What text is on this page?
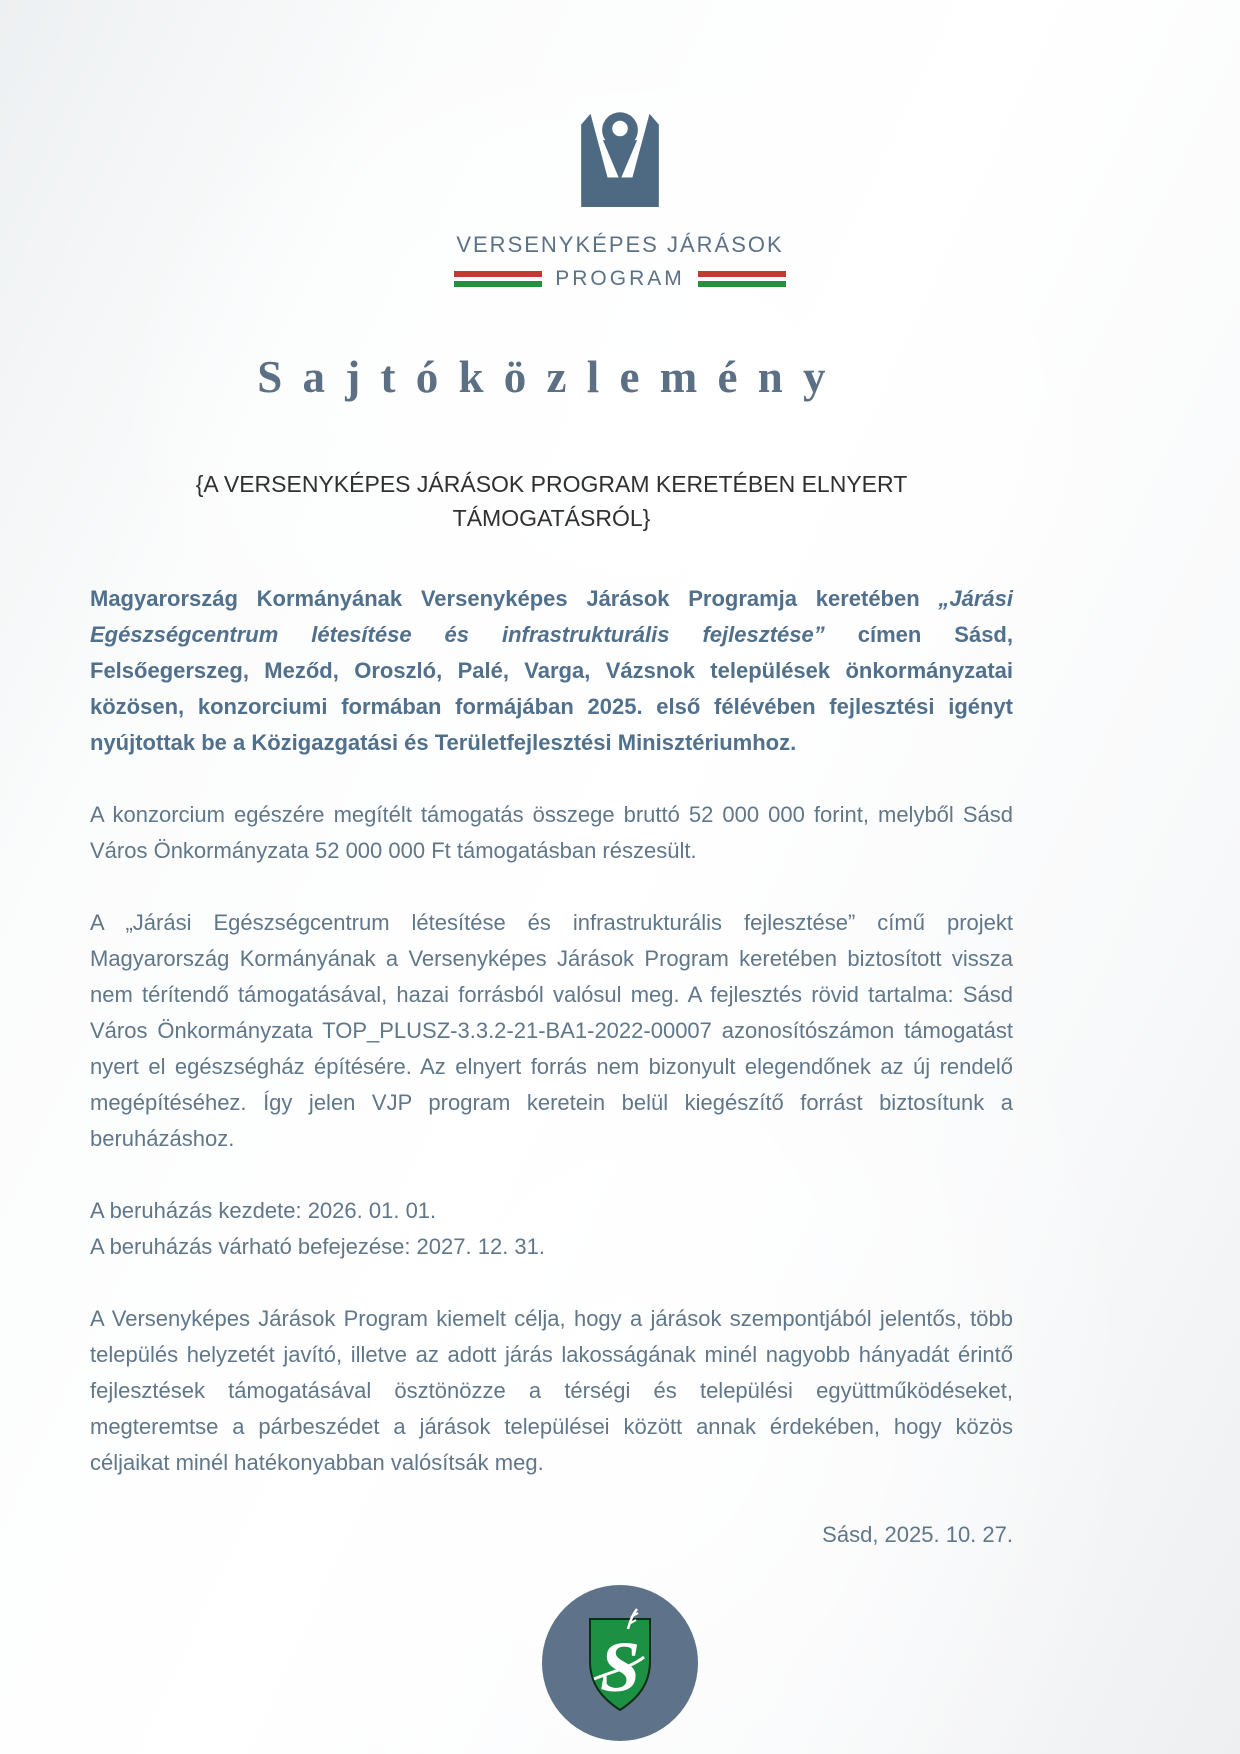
VERSENYKÉPES JÁRÁSOK
PROGRAM
Sajtóközlemény
{A VERSENYKÉPES JÁRÁSOK PROGRAM KERETÉBEN ELNYERT TÁMOGATÁSRÓL}

Magyarország Kormányának Versenyképes Járások Programja keretében „Járási Egészségcentrum létesítése és infrastrukturális fejlesztése” címen Sásd, Felsőegerszeg, Meződ, Oroszló, Palé, Varga, Vázsnok települések önkormányzatai közösen, konzorciumi formában formájában 2025. első félévében fejlesztési igényt nyújtottak be a Közigazgatási és Területfejlesztési Minisztériumhoz.

A konzorcium egészére megítélt támogatás összege bruttó 52 000 000 forint, melyből Sásd Város Önkormányzata 52 000 000 Ft támogatásban részesült.

A „Járási Egészségcentrum létesítése és infrastrukturális fejlesztése” című projekt Magyarország Kormányának a Versenyképes Járások Program keretében biztosított vissza nem térítendő támogatásával, hazai forrásból valósul meg. A fejlesztés rövid tartalma: Sásd Város Önkormányzata TOP_PLUSZ-3.3.2-21-BA1-2022-00007 azonosítószámon támogatást nyert el egészségház építésére. Az elnyert forrás nem bizonyult elegendőnek az új rendelő megépítéséhez. Így jelen VJP program keretein belül kiegészítő forrást biztosítunk a beruházáshoz.

A beruházás kezdete: 2026. 01. 01.
A beruházás várható befejezése: 2027. 12. 31.

A Versenyképes Járások Program kiemelt célja, hogy a járások szempontjából jelentős, több település helyzetét javító, illetve az adott járás lakosságának minél nagyobb hányadát érintő fejlesztések támogatásával ösztönözze a térségi és települési együttműködéseket, megteremtse a párbeszédet a járások települései között annak érdekében, hogy közös céljaikat minél hatékonyabban valósítsák meg.

Sásd, 2025. 10. 27.
S
